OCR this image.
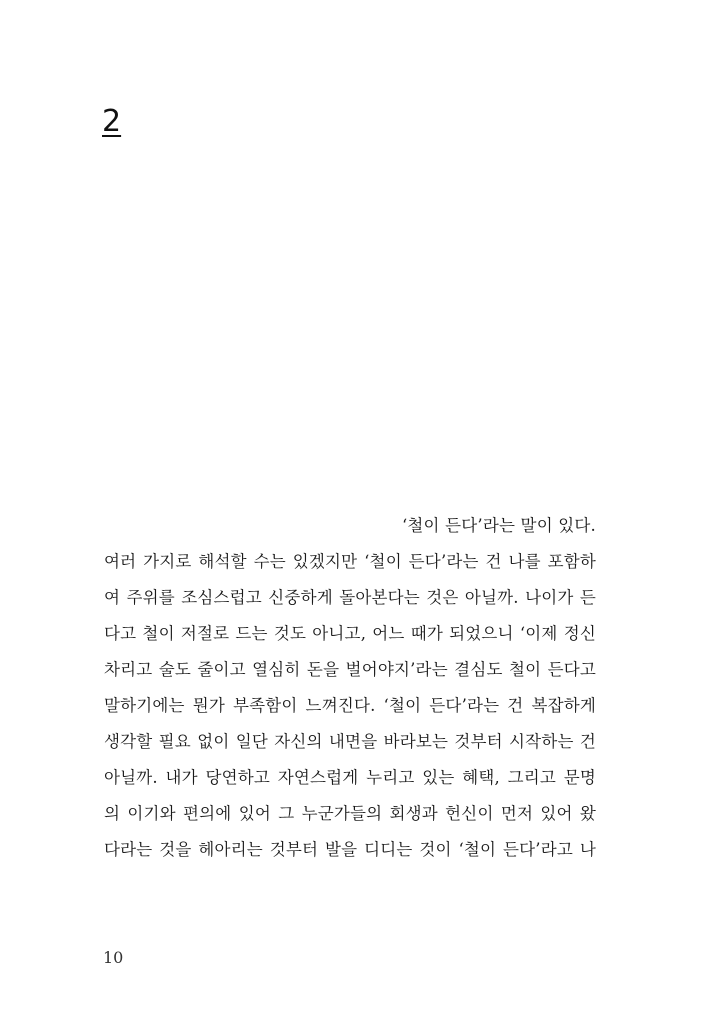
2
‘철이 든다’라는 말이 있다.
여러 가지로 해석할 수는 있겠지만 ‘철이 든다’라는 건 나를 포함하
여 주위를 조심스럽고 신중하게 돌아본다는 것은 아닐까. 나이가 든
다고 철이 저절로 드는 것도 아니고, 어느 때가 되었으니 ‘이제 정신
차리고 술도 줄이고 열심히 돈을 벌어야지’라는 결심도 철이 든다고
말하기에는 뭔가 부족함이 느껴진다. ‘철이 든다’라는 건 복잡하게
생각할 필요 없이 일단 자신의 내면을 바라보는 것부터 시작하는 건
아닐까. 내가 당연하고 자연스럽게 누리고 있는 혜택, 그리고 문명
의 이기와 편의에 있어 그 누군가들의 회생과 헌신이 먼저 있어 왔
다라는 것을 헤아리는 것부터 발을 디디는 것이 ‘철이 든다’라고 나
10
